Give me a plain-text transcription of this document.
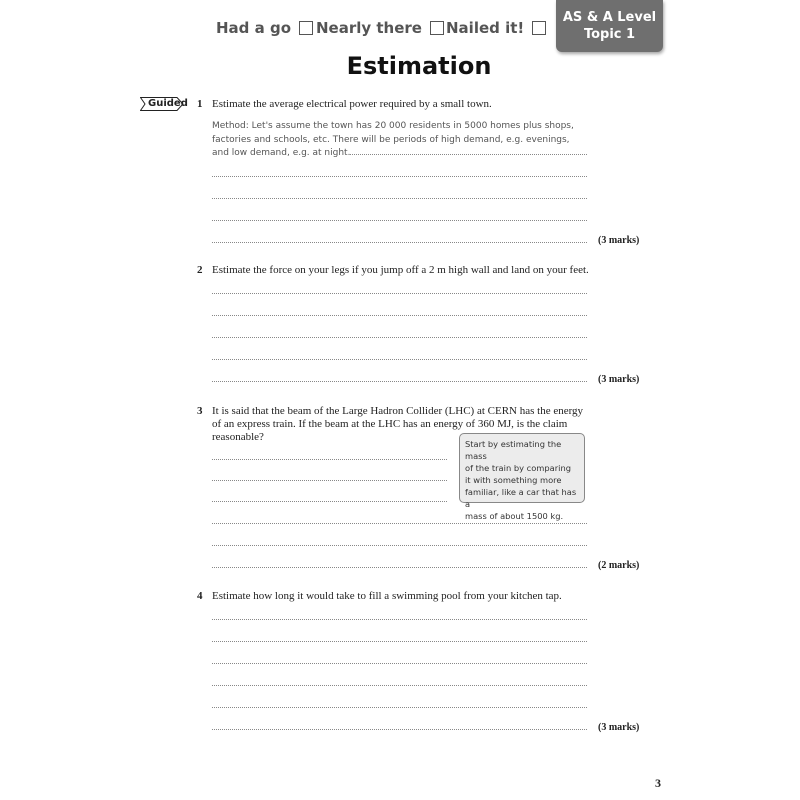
Had a go Nearly there Nailed it!
AS & A Level
Topic 1
Estimation
Guided 1 Estimate the average electrical power required by a small town.
Method: Let's assume the town has 20 000 residents in 5000 homes plus shops,
factories and schools, etc. There will be periods of high demand, e.g. evenings,
and low demand, e.g. at night.
(3 marks)
2 Estimate the force on your legs if you jump off a 2 m high wall and land on your feet.
(3 marks)
3 It is said that the beam of the Large Hadron Collider (LHC) at CERN has the energy
of an express train. If the beam at the LHC has an energy of 360 MJ, is the claim
reasonable?
(2 marks)
Start by estimating the mass
of the train by comparing
it with something more
familiar, like a car that has a
mass of about 1500 kg.
4 Estimate how long it would take to fill a swimming pool from your kitchen tap.
(3 marks)
3
